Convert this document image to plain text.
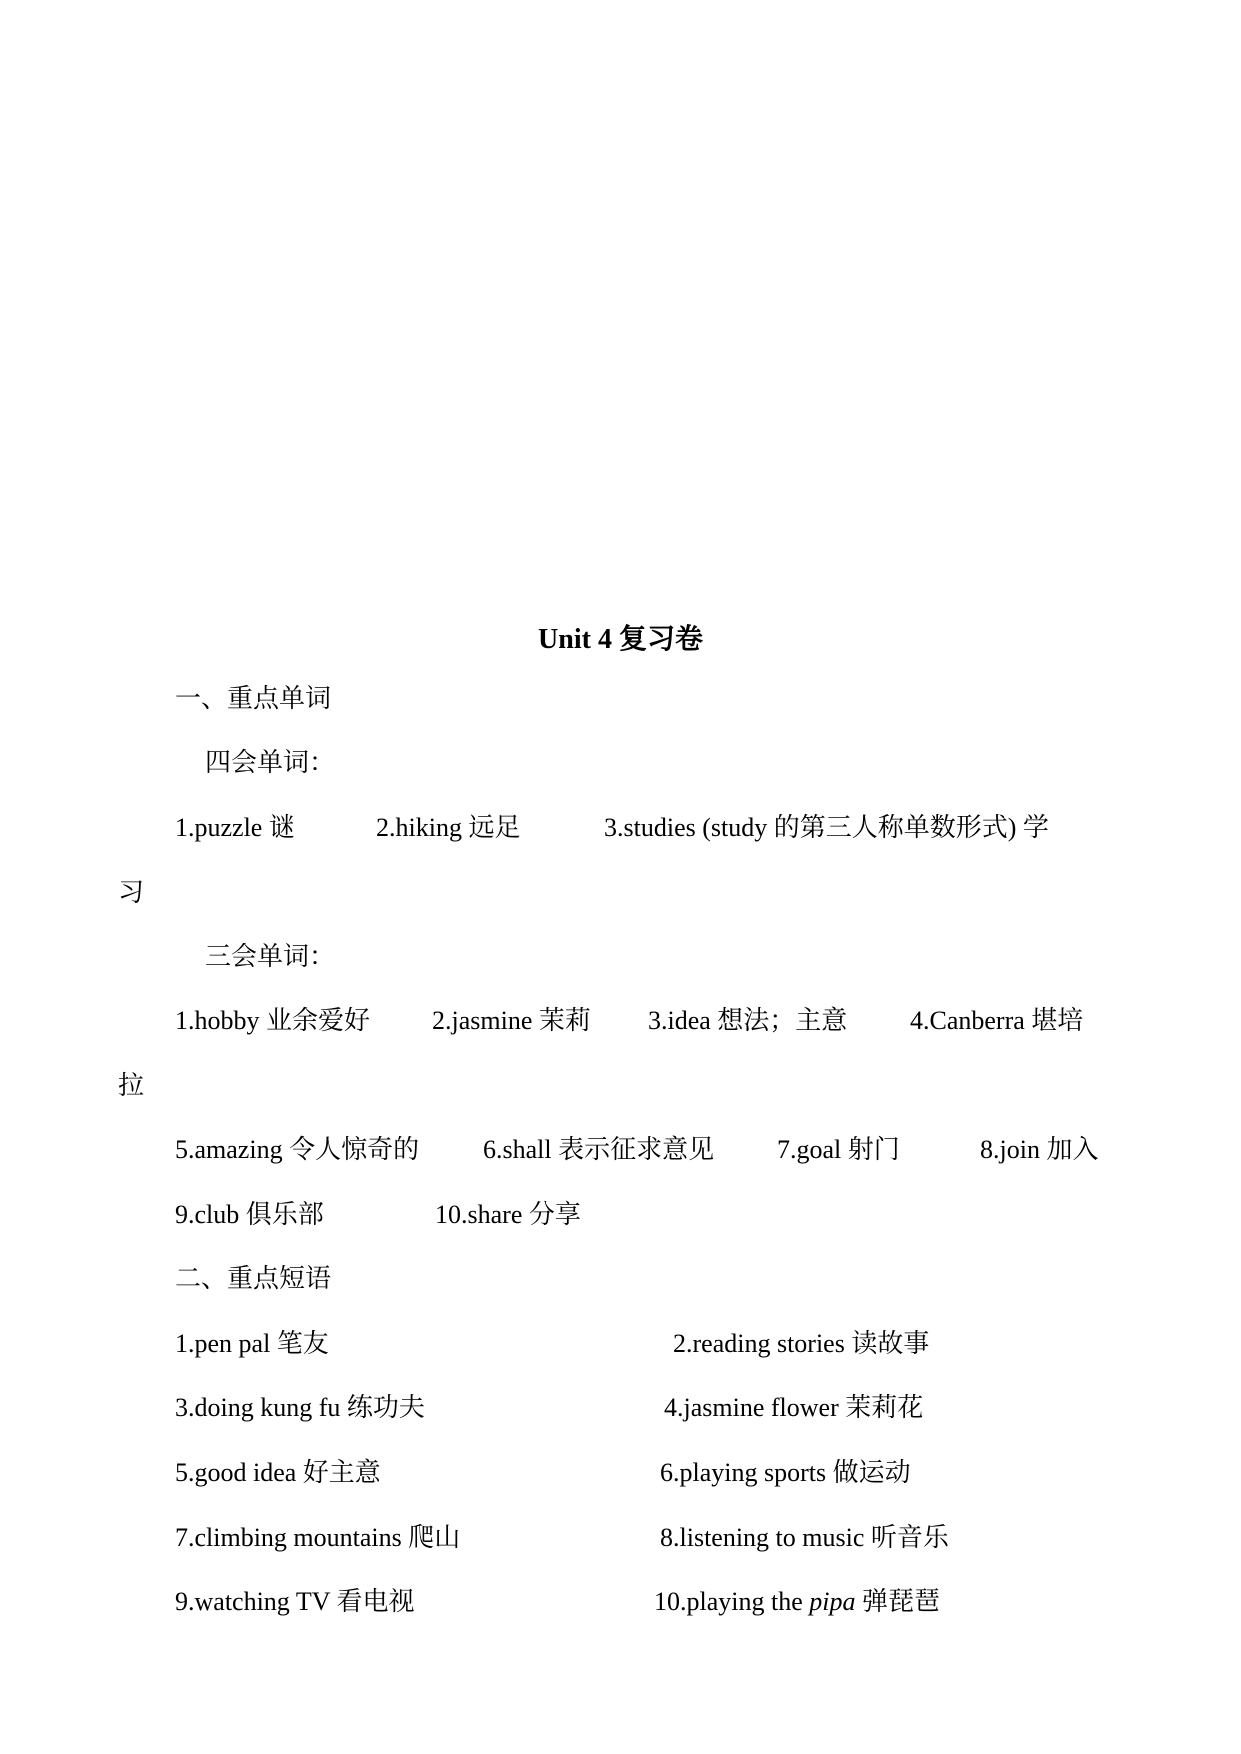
Unit 4 复习卷
一、重点单词
四会单词：
1.puzzle 谜	2.hiking 远足	3.studies (study 的第三人称单数形式) 学
习
三会单词：
1.hobby 业余爱好 2.jasmine 茉莉 3.idea 想法；主意 4.Canberra 堪培
拉
5.amazing 令人惊奇的 6.shall 表示征求意见 7.goal 射门	8.join 加入
9.club 俱乐部	10.share 分享
二、重点短语
1.pen pal 笔友	2.reading stories 读故事
3.doing kung fu 练功夫	4.jasmine flower 茉莉花
5.good idea 好主意	6.playing sports 做运动
7.climbing mountains 爬山	8.listening to music 听音乐
9.watching TV 看电视	10.playing the pipa 弹琵琶
